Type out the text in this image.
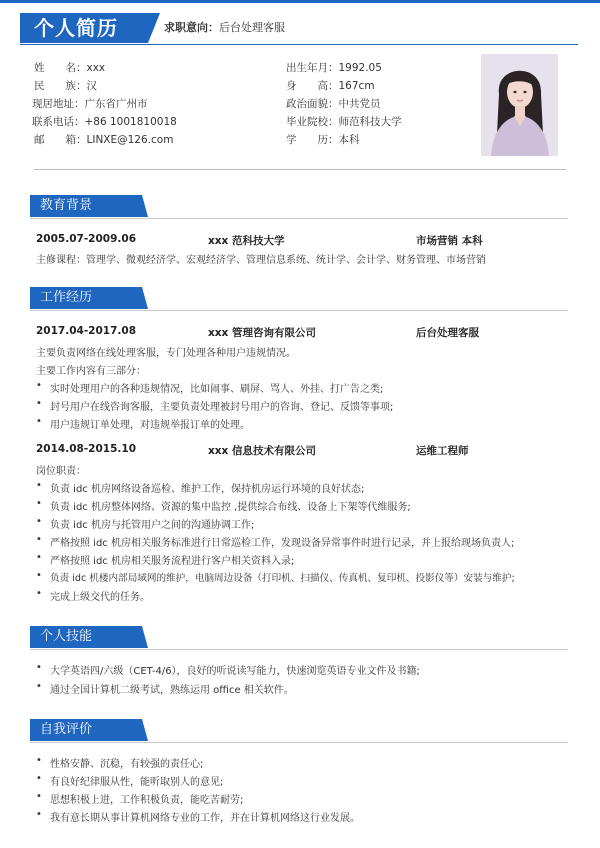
个人简历	求职意向：后台处理客服
姓　　名：xxx
民　　族：汉
现居地址：广东省广州市
联系电话：+86 1001810018
邮　　箱：LINXE@126.com
出生年月：1992.05
身　　高：167cm
政治面貌：中共党员
毕业院校：师范科技大学
学　　历：本科
教育背景
2005.07-2009.06	xxx 范科技大学	市场营销 本科
主修课程：管理学、微观经济学、宏观经济学、管理信息系统、统计学、会计学、财务管理、市场营销
工作经历
2017.04-2017.08	xxx 管理咨询有限公司	后台处理客服
主要负责网络在线处理客服，专门处理各种用户违规情况。
主要工作内容有三部分：
• 实时处理用户的各种违规情况，比如闹事、刷屏、骂人、外挂、打广告之类;
• 封号用户在线咨询客服，主要负责处理被封号用户的咨询、登记、反馈等事项;
• 用户违规订单处理，对违规举报订单的处理。
2014.08-2015.10	xxx 信息技术有限公司	运维工程师
岗位职责：
• 负责 idc 机房网络设备巡检、维护工作，保持机房运行环境的良好状态;
• 负责 idc 机房整体网络、资源的集中监控 ,提供综合布线、设备上下架等代维服务;
• 负责 idc 机房与托管用户之间的沟通协调工作;
• 严格按照 idc 机房相关服务标准进行日常巡检工作，发现设备异常事件时进行记录，并上报给现场负责人;
• 严格按照 idc 机房相关服务流程进行客户相关资料入录;
• 负责 idc 机楼内部局域网的维护，电脑周边设备（打印机、扫描仪、传真机、复印机、投影仪等）安装与维护;
• 完成上级交代的任务。
个人技能
• 大学英语四/六级（CET-4/6），良好的听说读写能力，快速浏览英语专业文件及书籍;
• 通过全国计算机二级考试，熟练运用 office 相关软件。
自我评价
• 性格安静、沉稳，有较强的责任心;
• 有良好纪律服从性，能听取别人的意见;
• 思想积极上进，工作积极负责，能吃苦耐劳;
• 我有意长期从事计算机网络专业的工作，并在计算机网络这行业发展。
